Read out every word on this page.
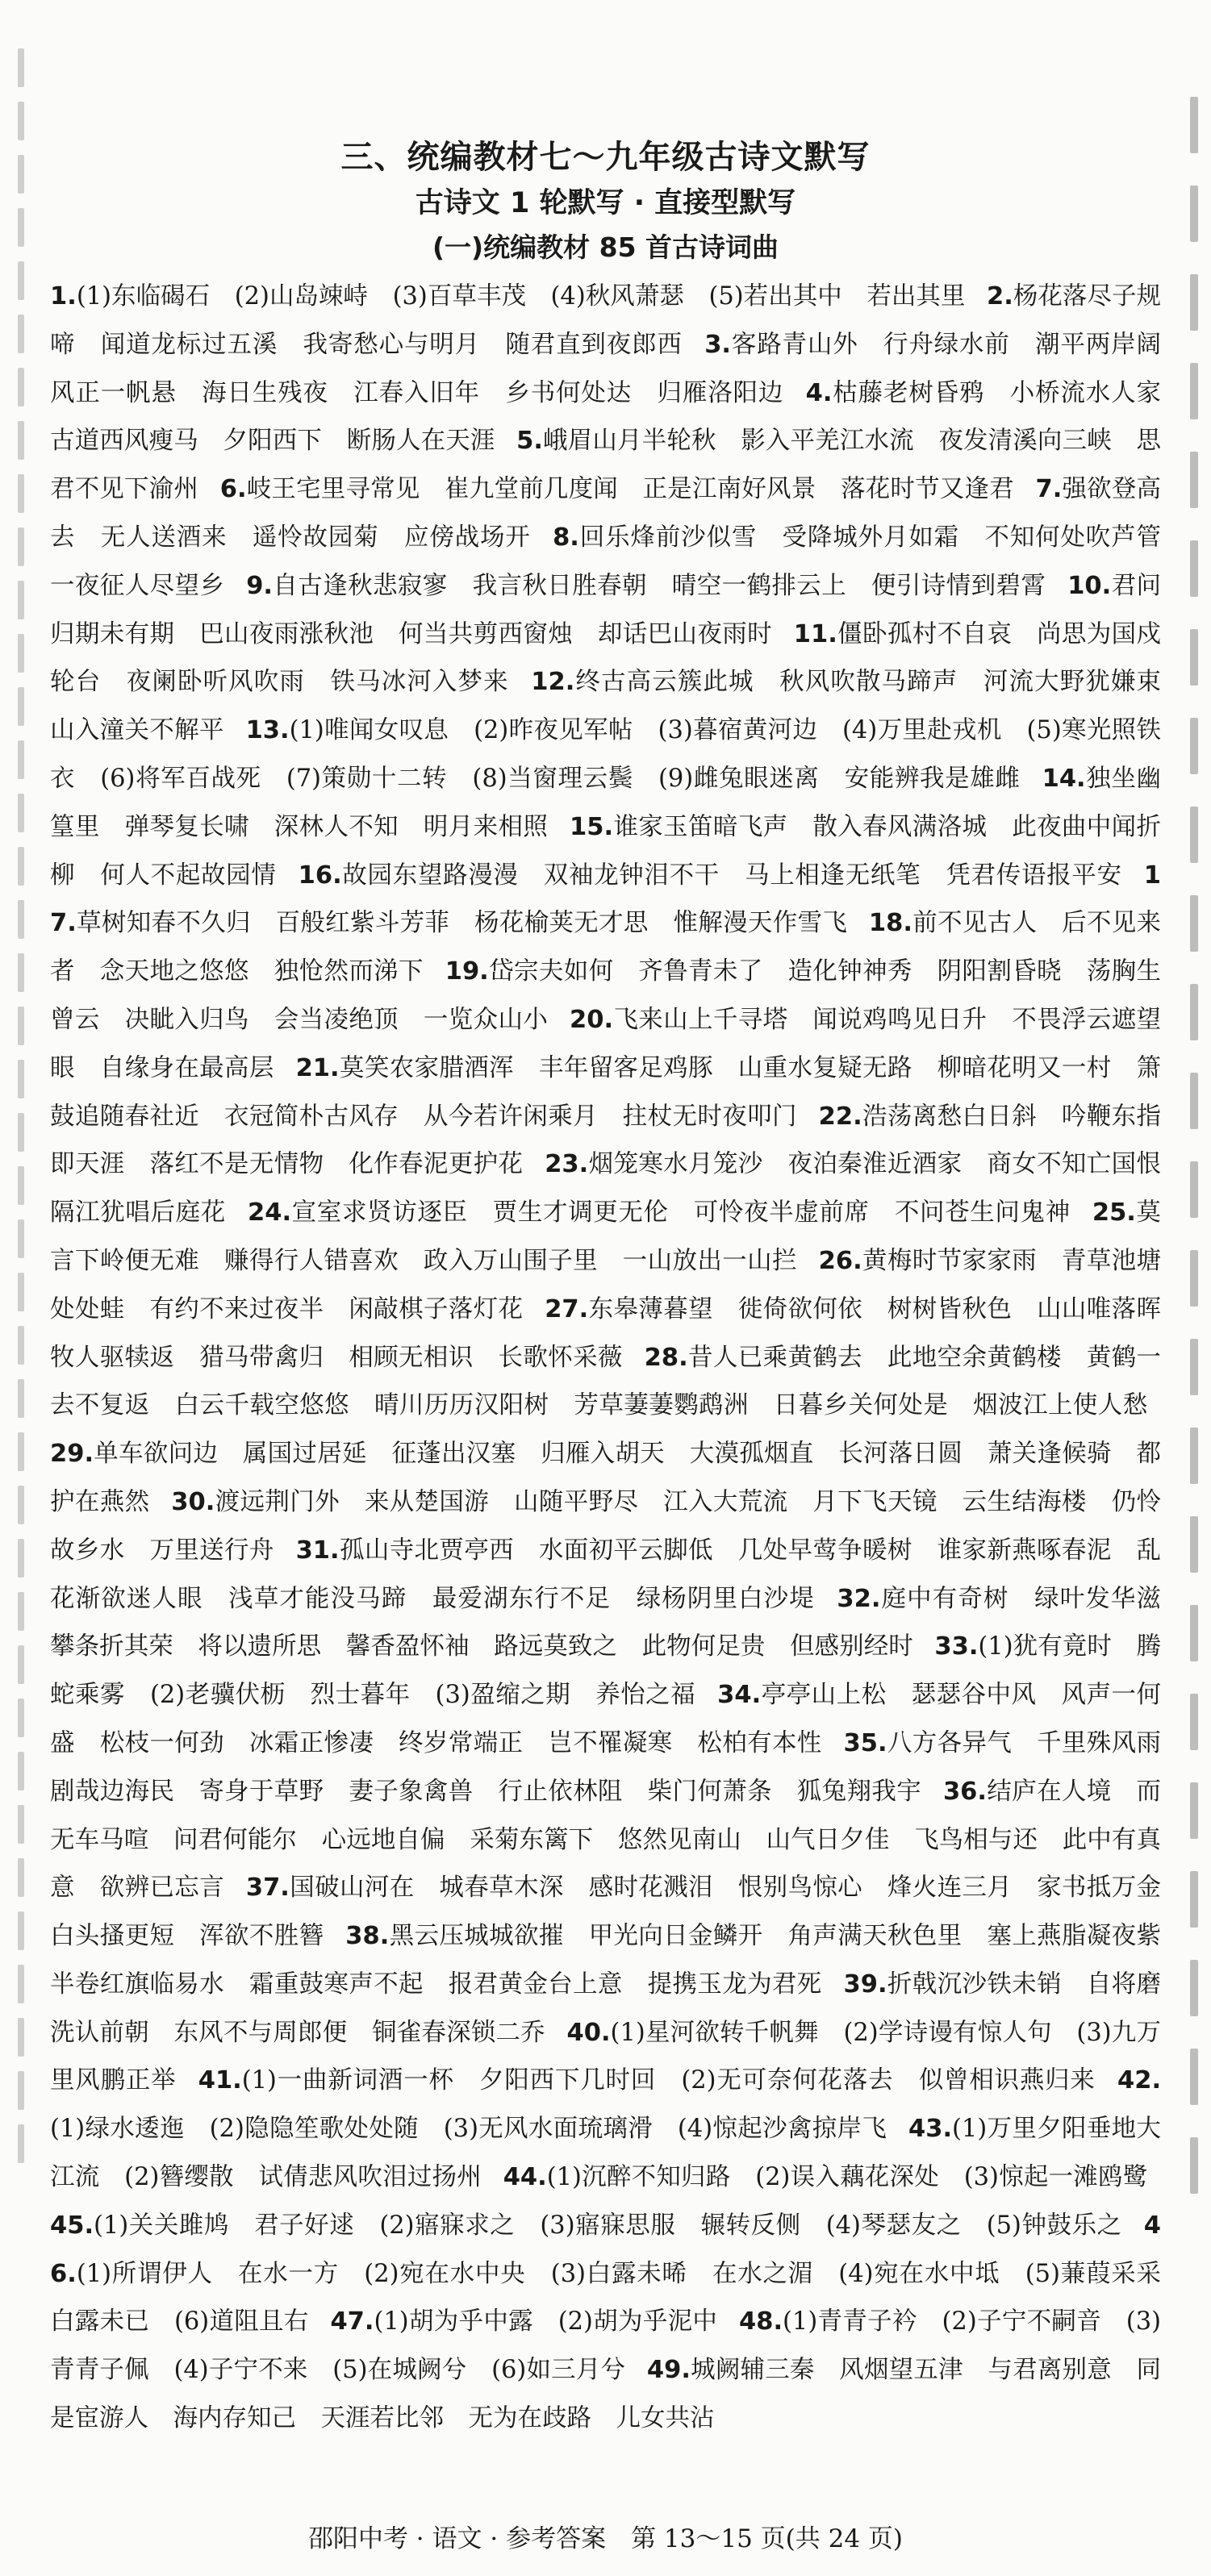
三、统编教材七～九年级古诗文默写
古诗文 1 轮默写 · 直接型默写
(一)统编教材 85 首古诗词曲
1.(1)东临碣石　(2)山岛竦峙　(3)百草丰茂　(4)秋风萧瑟　(5)若出其中　若出其里 2.杨花落尽子规啼　闻道龙标过五溪　我寄愁心与明月　随君直到夜郎西 3.客路青山外　行舟绿水前　潮平两岸阔　风正一帆悬　海日生残夜　江春入旧年　乡书何处达　归雁洛阳边 4.枯藤老树昏鸦　小桥流水人家　古道西风瘦马　夕阳西下　断肠人在天涯 5.峨眉山月半轮秋　影入平羌江水流　夜发清溪向三峡　思君不见下渝州 6.岐王宅里寻常见　崔九堂前几度闻　正是江南好风景　落花时节又逢君 7.强欲登高去　无人送酒来　遥怜故园菊　应傍战场开 8.回乐烽前沙似雪　受降城外月如霜　不知何处吹芦管　一夜征人尽望乡 9.自古逢秋悲寂寥　我言秋日胜春朝　晴空一鹤排云上　便引诗情到碧霄 10.君问归期未有期　巴山夜雨涨秋池　何当共剪西窗烛　却话巴山夜雨时 11.僵卧孤村不自哀　尚思为国戍轮台　夜阑卧听风吹雨　铁马冰河入梦来 12.终古高云簇此城　秋风吹散马蹄声　河流大野犹嫌束　山入潼关不解平 13.(1)唯闻女叹息　(2)昨夜见军帖　(3)暮宿黄河边　(4)万里赴戎机　(5)寒光照铁衣　(6)将军百战死　(7)策勋十二转　(8)当窗理云鬓　(9)雌兔眼迷离　安能辨我是雄雌 14.独坐幽篁里　弹琴复长啸　深林人不知　明月来相照 15.谁家玉笛暗飞声　散入春风满洛城　此夜曲中闻折柳　何人不起故园情 16.故园东望路漫漫　双袖龙钟泪不干　马上相逢无纸笔　凭君传语报平安 17.草树知春不久归　百般红紫斗芳菲　杨花榆荚无才思　惟解漫天作雪飞 18.前不见古人　后不见来者　念天地之悠悠　独怆然而涕下 19.岱宗夫如何　齐鲁青未了　造化钟神秀　阴阳割昏晓　荡胸生曾云　决眦入归鸟　会当凌绝顶　一览众山小 20.飞来山上千寻塔　闻说鸡鸣见日升　不畏浮云遮望眼　自缘身在最高层 21.莫笑农家腊酒浑　丰年留客足鸡豚　山重水复疑无路　柳暗花明又一村　箫鼓追随春社近　衣冠简朴古风存　从今若许闲乘月　拄杖无时夜叩门 22.浩荡离愁白日斜　吟鞭东指即天涯　落红不是无情物　化作春泥更护花 23.烟笼寒水月笼沙　夜泊秦淮近酒家　商女不知亡国恨　隔江犹唱后庭花 24.宣室求贤访逐臣　贾生才调更无伦　可怜夜半虚前席　不问苍生问鬼神 25.莫言下岭便无难　赚得行人错喜欢　政入万山围子里　一山放出一山拦 26.黄梅时节家家雨　青草池塘处处蛙　有约不来过夜半　闲敲棋子落灯花 27.东皋薄暮望　徙倚欲何依　树树皆秋色　山山唯落晖　牧人驱犊返　猎马带禽归　相顾无相识　长歌怀采薇 28.昔人已乘黄鹤去　此地空余黄鹤楼　黄鹤一去不复返　白云千载空悠悠　晴川历历汉阳树　芳草萋萋鹦鹉洲　日暮乡关何处是　烟波江上使人愁 29.单车欲问边　属国过居延　征蓬出汉塞　归雁入胡天　大漠孤烟直　长河落日圆　萧关逢候骑　都护在燕然 30.渡远荆门外　来从楚国游　山随平野尽　江入大荒流　月下飞天镜　云生结海楼　仍怜故乡水　万里送行舟 31.孤山寺北贾亭西　水面初平云脚低　几处早莺争暖树　谁家新燕啄春泥　乱花渐欲迷人眼　浅草才能没马蹄　最爱湖东行不足　绿杨阴里白沙堤 32.庭中有奇树　绿叶发华滋　攀条折其荣　将以遗所思　馨香盈怀袖　路远莫致之　此物何足贵　但感别经时 33.(1)犹有竟时　腾蛇乘雾　(2)老骥伏枥　烈士暮年　(3)盈缩之期　养怡之福 34.亭亭山上松　瑟瑟谷中风　风声一何盛　松枝一何劲　冰霜正惨凄　终岁常端正　岂不罹凝寒　松柏有本性 35.八方各异气　千里殊风雨　剧哉边海民　寄身于草野　妻子象禽兽　行止依林阻　柴门何萧条　狐兔翔我宇 36.结庐在人境　而无车马喧　问君何能尔　心远地自偏　采菊东篱下　悠然见南山　山气日夕佳　飞鸟相与还　此中有真意　欲辨已忘言 37.国破山河在　城春草木深　感时花溅泪　恨别鸟惊心　烽火连三月　家书抵万金　白头搔更短　浑欲不胜簪 38.黑云压城城欲摧　甲光向日金鳞开　角声满天秋色里　塞上燕脂凝夜紫　半卷红旗临易水　霜重鼓寒声不起　报君黄金台上意　提携玉龙为君死 39.折戟沉沙铁未销　自将磨洗认前朝　东风不与周郎便　铜雀春深锁二乔 40.(1)星河欲转千帆舞　(2)学诗谩有惊人句　(3)九万里风鹏正举 41.(1)一曲新词酒一杯　夕阳西下几时回　(2)无可奈何花落去　似曾相识燕归来 42.(1)绿水逶迤　(2)隐隐笙歌处处随　(3)无风水面琉璃滑　(4)惊起沙禽掠岸飞 43.(1)万里夕阳垂地大江流　(2)簪缨散　试倩悲风吹泪过扬州 44.(1)沉醉不知归路　(2)误入藕花深处　(3)惊起一滩鸥鹭 45.(1)关关雎鸠　君子好逑　(2)寤寐求之　(3)寤寐思服　辗转反侧　(4)琴瑟友之　(5)钟鼓乐之 46.(1)所谓伊人　在水一方　(2)宛在水中央　(3)白露未晞　在水之湄　(4)宛在水中坻　(5)蒹葭采采　白露未已　(6)道阻且右 47.(1)胡为乎中露　(2)胡为乎泥中 48.(1)青青子衿　(2)子宁不嗣音　(3)青青子佩　(4)子宁不来　(5)在城阙兮　(6)如三月兮 49.城阙辅三秦　风烟望五津　与君离别意　同是宦游人　海内存知己　天涯若比邻　无为在歧路　儿女共沾
邵阳中考 · 语文 · 参考答案　第 13～15 页(共 24 页)
